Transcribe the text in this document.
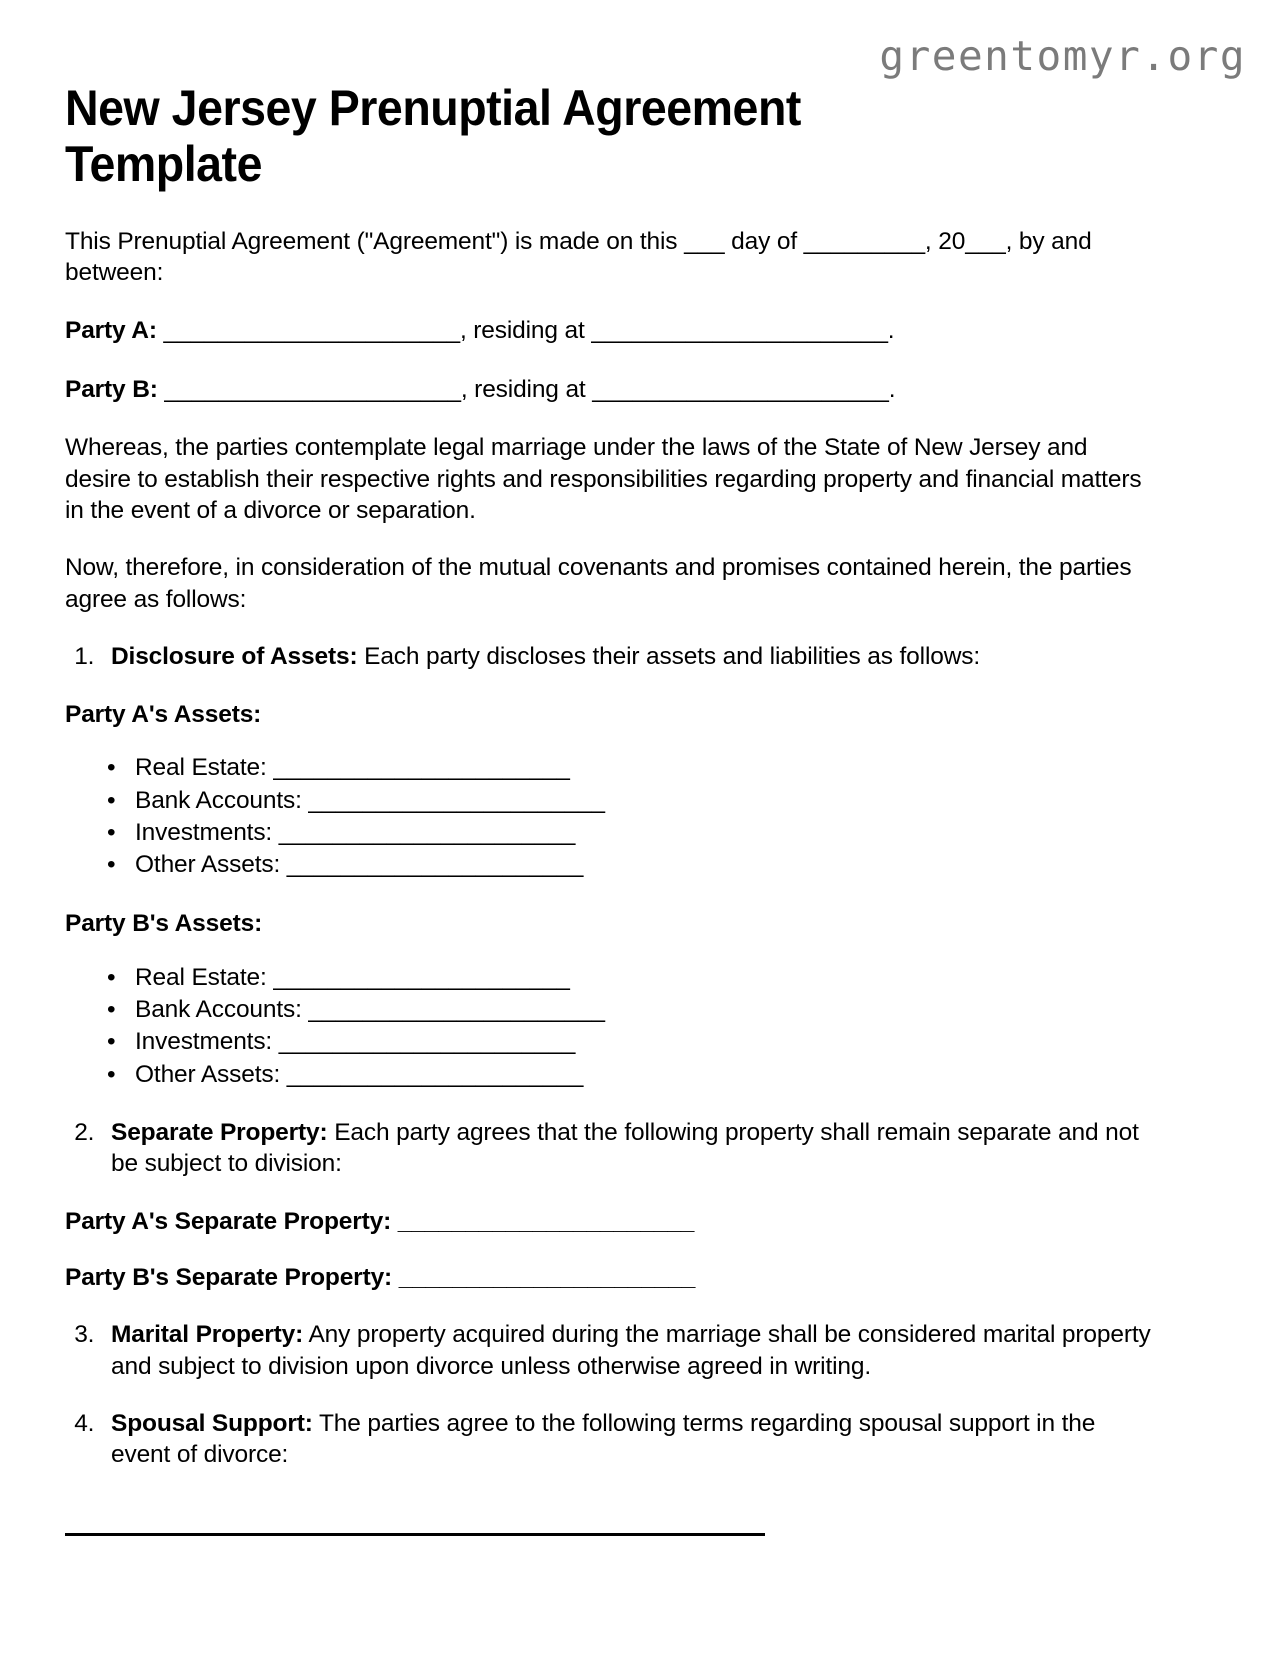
greentomyr.org
New Jersey Prenuptial Agreement Template

This Prenuptial Agreement ("Agreement") is made on this ___ day of _________, 20___, by and between:

Party A: ______________________, residing at ______________________.

Party B: ______________________, residing at ______________________.

Whereas, the parties contemplate legal marriage under the laws of the State of New Jersey and desire to establish their respective rights and responsibilities regarding property and financial matters in the event of a divorce or separation.

Now, therefore, in consideration of the mutual covenants and promises contained herein, the parties agree as follows:

1. Disclosure of Assets: Each party discloses their assets and liabilities as follows:
Party A's Assets:
• Real Estate: ______________________
• Bank Accounts: ______________________
• Investments: ______________________
• Other Assets: ______________________
Party B's Assets:
• Real Estate: ______________________
• Bank Accounts: ______________________
• Investments: ______________________
• Other Assets: ______________________
2. Separate Property: Each party agrees that the following property shall remain separate and not be subject to division:
Party A's Separate Property: ______________________
Party B's Separate Property: ______________________
3. Marital Property: Any property acquired during the marriage shall be considered marital property and subject to division upon divorce unless otherwise agreed in writing.
4. Spousal Support: The parties agree to the following terms regarding spousal support in the event of divorce:
